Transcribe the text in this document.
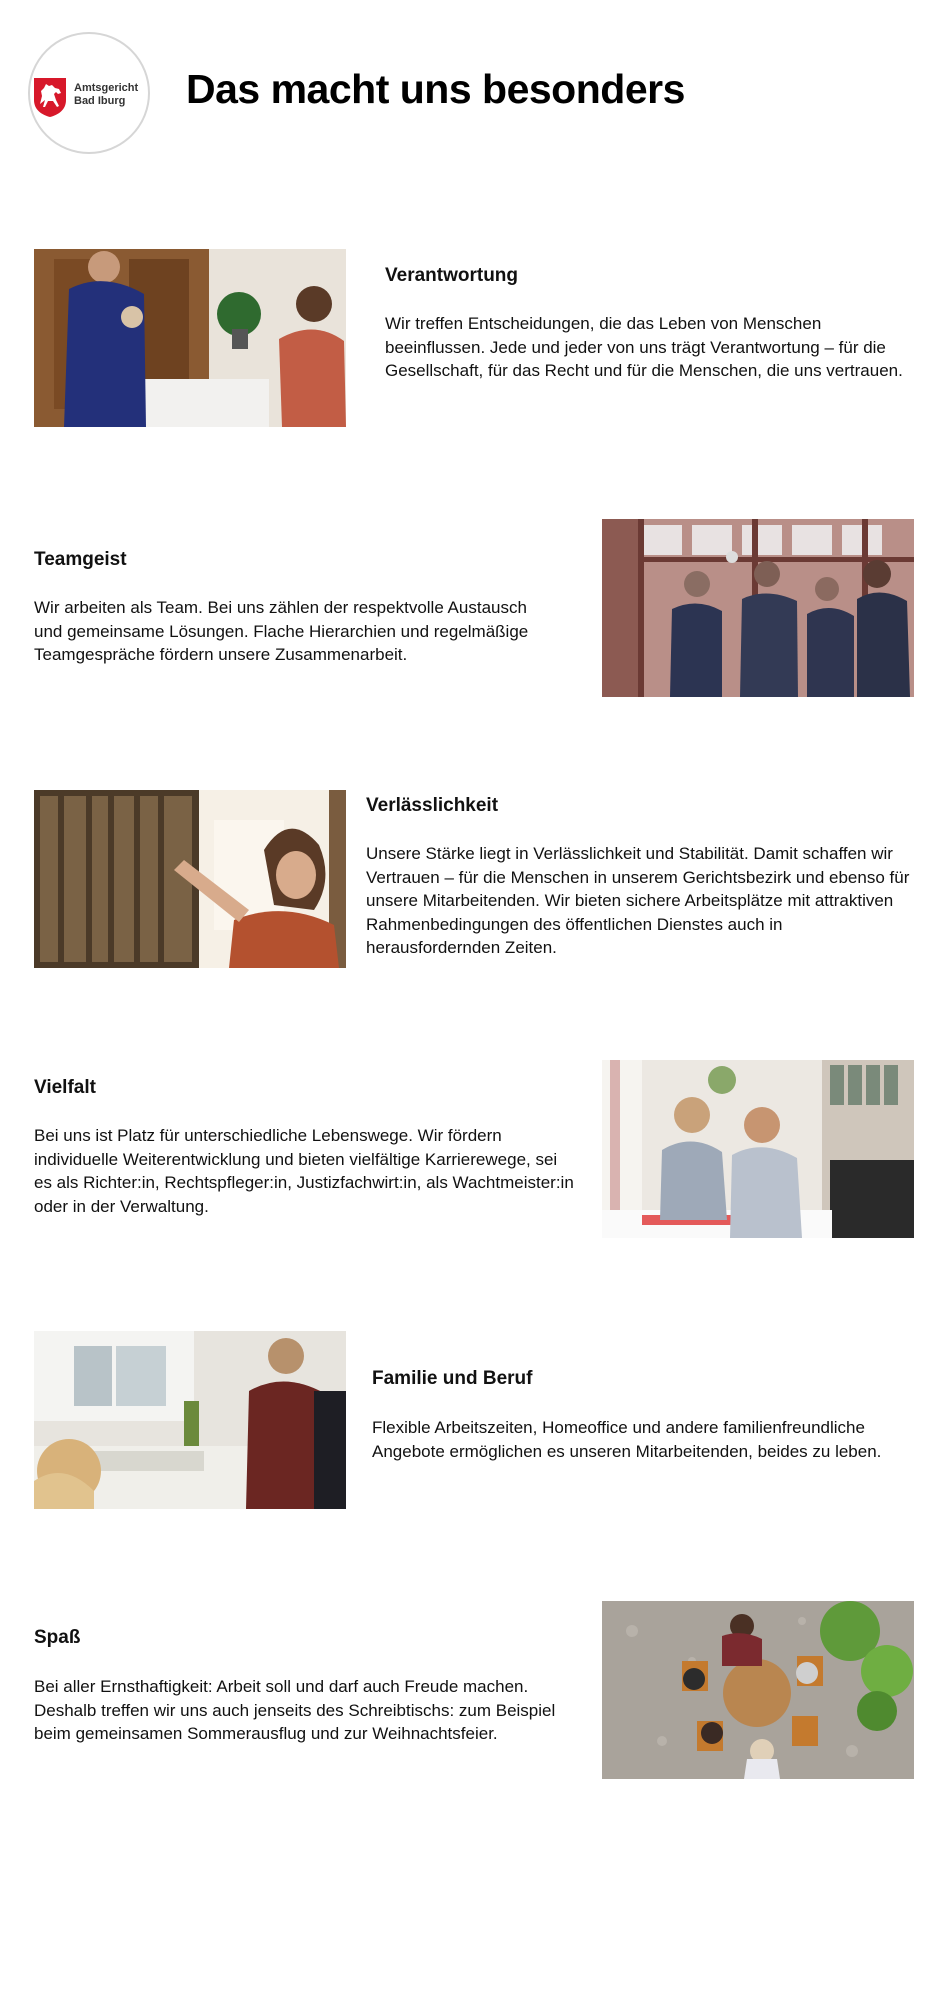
Amtsgericht
Bad Iburg	Das macht uns besonders
Verantwortung

Wir treffen Entscheidungen, die das Leben von Menschen beeinflussen. Jede und jeder von uns trägt Verantwortung – für die Gesellschaft, für das Recht und für die Menschen, die uns vertrauen.

Teamgeist

Wir arbeiten als Team. Bei uns zählen der respektvolle Austausch und gemeinsame Lösungen. Flache Hierarchien und regelmäßige Teamgespräche fördern unsere Zusammenarbeit.

Verlässlichkeit

Unsere Stärke liegt in Verlässlichkeit und Stabilität. Damit schaffen wir Vertrauen – für die Menschen in unserem Gerichtsbezirk und ebenso für unsere Mitarbeitenden. Wir bieten sichere Arbeitsplätze mit attraktiven Rahmenbedingungen des öffentlichen Dienstes auch in herausfordernden Zeiten.

Vielfalt

Bei uns ist Platz für unterschiedliche Lebenswege. Wir fördern individuelle Weiterentwicklung und bieten vielfältige Karrierewege, sei es als Richter:in, Rechtspfleger:in, Justizfachwirt:in, als Wachtmeister:in oder in der Verwaltung.

Familie und Beruf

Flexible Arbeitszeiten, Homeoffice und andere familienfreundliche Angebote ermöglichen es unseren Mitarbeitenden, beides zu leben.

Spaß

Bei aller Ernsthaftigkeit: Arbeit soll und darf auch Freude machen. Deshalb treffen wir uns auch jenseits des Schreibtischs: zum Beispiel beim gemeinsamen Sommerausflug und zur Weihnachtsfeier.
